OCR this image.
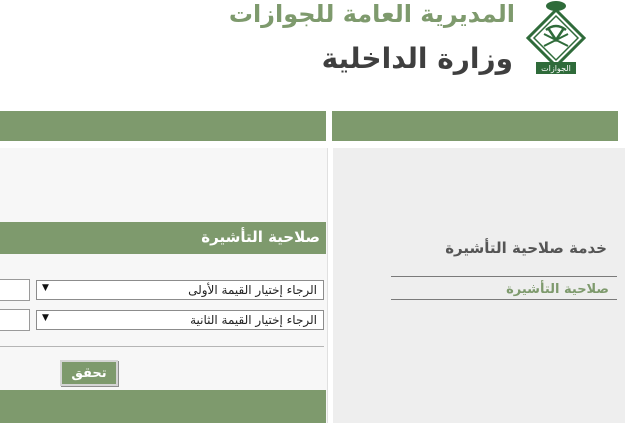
المديرية العامة للجوازات
وزارة الداخلية	الجوازات
صلاحية التأشيرة
الرجاء إختيار القيمة الأولى
▼
الرجاء إختيار القيمة الثانية
▼
تحقق
خدمة صلاحية التأشيرة
صلاحية التأشيرة
